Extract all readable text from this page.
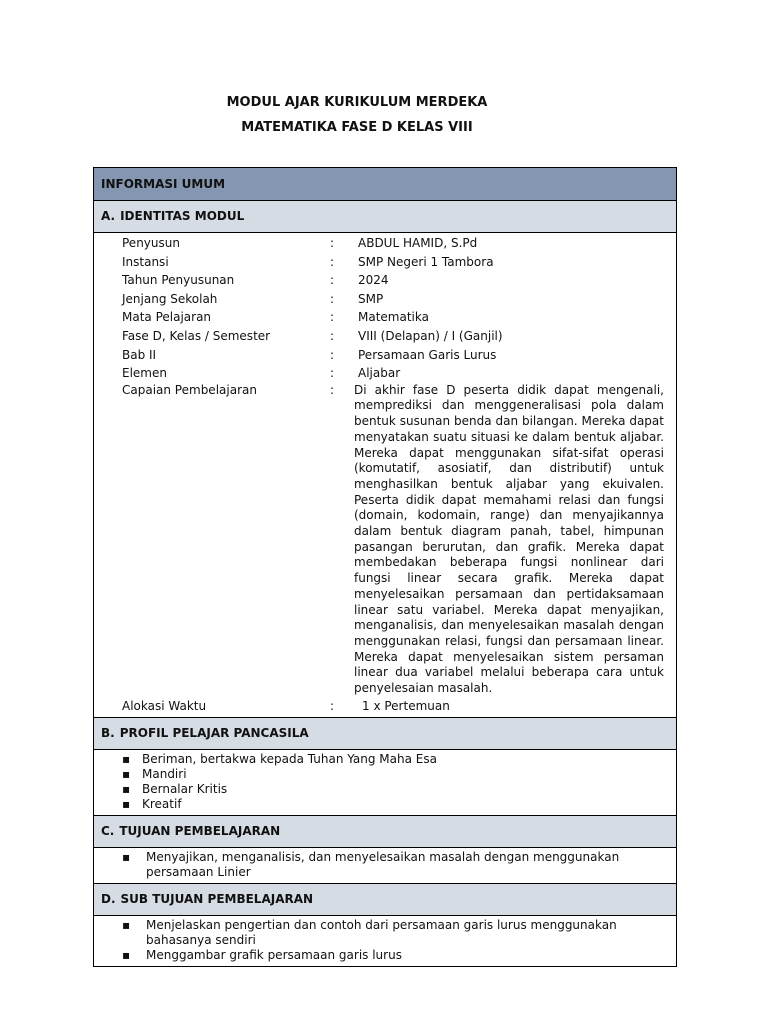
MODUL AJAR KURIKULUM MERDEKA
MATEMATIKA FASE D KELAS VIII
INFORMASI UMUM
A. IDENTITAS MODUL
Penyusun	:	ABDUL HAMID, S.Pd
Instansi	:	SMP Negeri 1 Tambora
Tahun Penyusunan	:	2024
Jenjang Sekolah	:	SMP
Mata Pelajaran	:	Matematika
Fase D, Kelas / Semester	:	VIII (Delapan) / I (Ganjil)
Bab II	:	Persamaan Garis Lurus
Elemen	:	Aljabar
Capaian Pembelajaran	:	Di akhir fase D peserta didik dapat mengenali, memprediksi dan menggeneralisasi pola dalam bentuk susunan benda dan bilangan. Mereka dapat menyatakan suatu situasi ke dalam bentuk aljabar. Mereka dapat menggunakan sifat-sifat operasi (komutatif, asosiatif, dan distributif) untuk menghasilkan bentuk aljabar yang ekuivalen. Peserta didik dapat memahami relasi dan fungsi (domain, kodomain, range) dan menyajikannya dalam bentuk diagram panah, tabel, himpunan pasangan berurutan, dan grafik. Mereka dapat membedakan beberapa fungsi nonlinear dari fungsi linear secara grafik. Mereka dapat menyelesaikan persamaan dan pertidaksamaan linear satu variabel. Mereka dapat menyajikan, menganalisis, dan menyelesaikan masalah dengan menggunakan relasi, fungsi dan persamaan linear. Mereka dapat menyelesaikan sistem persaman linear dua variabel melalui beberapa cara untuk penyelesaian masalah.
Alokasi Waktu	:	1 x Pertemuan
B. PROFIL PELAJAR PANCASILA
▪ Beriman, bertakwa kepada Tuhan Yang Maha Esa
▪ Mandiri
▪ Bernalar Kritis
▪ Kreatif
C. TUJUAN PEMBELAJARAN
▪ Menyajikan, menganalisis, dan menyelesaikan masalah dengan menggunakan persamaan Linier
D. SUB TUJUAN PEMBELAJARAN
▪ Menjelaskan pengertian dan contoh dari persamaan garis lurus menggunakan bahasanya sendiri
▪ Menggambar grafik persamaan garis lurus
